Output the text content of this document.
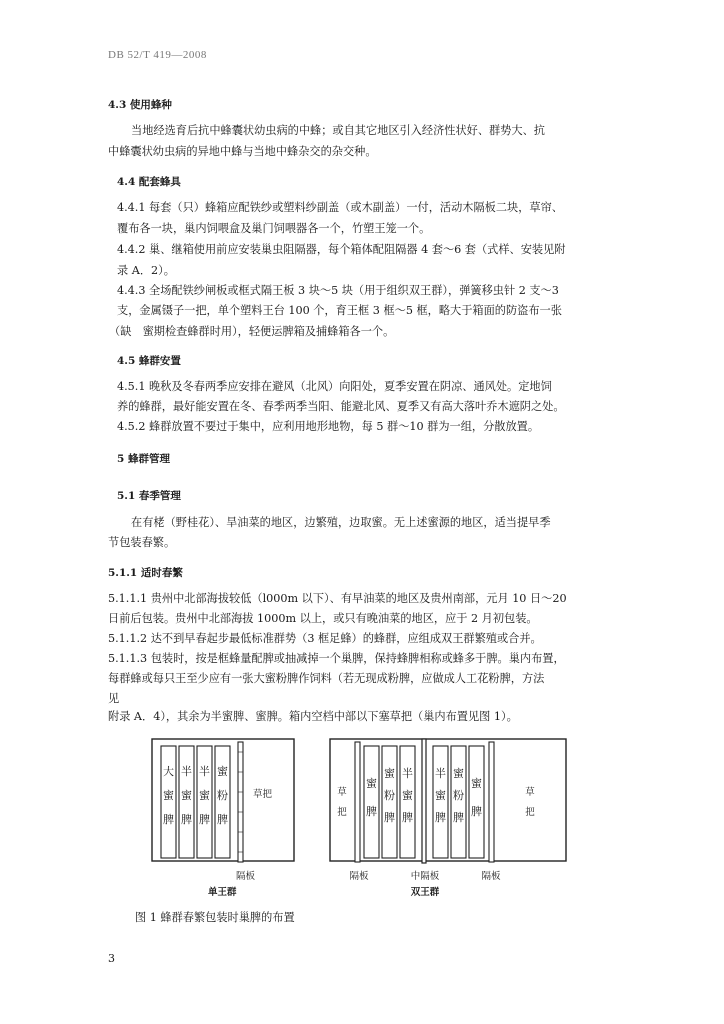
DB 52/T 419—2008
4.3 使用蜂种
当地经选育后抗中蜂囊状幼虫病的中蜂；或自其它地区引入经济性状好、群势大、抗
中蜂囊状幼虫病的异地中蜂与当地中蜂杂交的杂交种。
4.4 配套蜂具
4.4.1 每套（只）蜂箱应配铁纱或塑料纱副盖（或木副盖）一付，活动木隔板二块，草帘、
覆布各一块，巢内饲喂盒及巢门饲喂器各一个，竹塑王笼一个。
4.4.2 巢、继箱使用前应安装巢虫阻隔器，每个箱体配阻隔器 4 套～6 套（式样、安装见附
录 A．2）。
4.4.3 全场配铁纱闸板或框式隔王板 3 块～5 块（用于组织双王群），弹簧移虫针 2 支～3
支，金属镊子一把，单个塑料王台 100 个，育王框 3 框～5 框，略大于箱面的防盗布一张
（缺　蜜期检查蜂群时用），轻便运脾箱及捕蜂箱各一个。
4.5 蜂群安置
4.5.1 晚秋及冬春两季应安排在避风（北风）向阳处，夏季安置在阴凉、通风处。定地饲
养的蜂群，最好能安置在冬、春季两季当阳、能避北风、夏季又有高大落叶乔木遮阴之处。
4.5.2 蜂群放置不要过于集中，应利用地形地物，每 5 群～10 群为一组，分散放置。
5 蜂群管理
5.1 春季管理
在有栳（野桂花）、旱油菜的地区，边繁殖，边取蜜。无上述蜜源的地区，适当提早季
节包装春繁。
5.1.1 适时春繁
5.1.1.1 贵州中北部海拔较低（l000m 以下）、有早油菜的地区及贵州南部，元月 10 日～20
日前后包装。贵州中北部海拔 1000m 以上，或只有晚油菜的地区，应于 2 月初包装。
5.1.1.2 达不到早春起步最低标准群势（3 框足蜂）的蜂群，应组成双王群繁殖或合并。
5.1.1.3 包装时，按是框蜂量配脾或抽减掉一个巢脾，保持蜂脾相称或蜂多于脾。巢内布置，
每群蜂或每只王至少应有一张大蜜粉脾作饲料（若无现成粉脾，应做成人工花粉脾，方法
见
附录 A．4），其余为半蜜脾、蜜脾。箱内空档中部以下塞草把（巢内布置见图 1）。
草把
隔板
单王群
隔板	中隔板	隔板
双王群
大蜜脾
半蜜脾
半蜜脾
蜜粉脾
草把
蜜脾
蜜粉脾
半蜜脾
半蜜脾
蜜粉脾
蜜脾
草把
图 1 蜂群春繁包装时巢脾的布置
3
